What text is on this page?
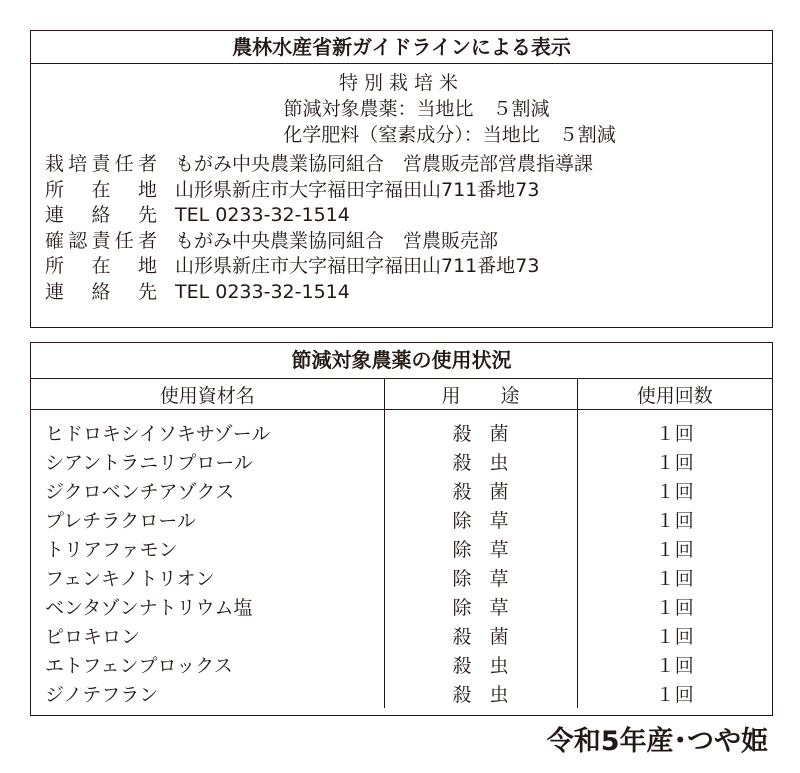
農林水産省新ガイドラインによる表示
特別栽培米
節減対象農薬：当地比　５割減
化学肥料（窒素成分）：当地比　５割減
栽 培 責 任 者 もがみ中央農業協同組合　営農販売部営農指導課
所 在 地 山形県新庄市大字福田字福田山711番地73
連 絡 先 TEL 0233-32-1514
確 認 責 任 者 もがみ中央農業協同組合　営農販売部
所 在 地 山形県新庄市大字福田字福田山711番地73
連 絡 先 TEL 0233-32-1514
節減対象農薬の使用状況
使用資材名	用途	使用回数

ヒドロキシイソキサゾール	殺菌	１回
シアントラニリプロール	殺虫	１回
ジクロベンチアゾクス	殺菌	１回
プレチラクロール	除草	１回
トリアファモン	除草	１回
フェンキノトリオン	除草	１回
ベンタゾンナトリウム塩	除草	１回
ピロキロン	殺菌	１回
エトフェンプロックス	殺虫	１回
ジノテフラン	殺虫	１回
令和5年産･つや姫
